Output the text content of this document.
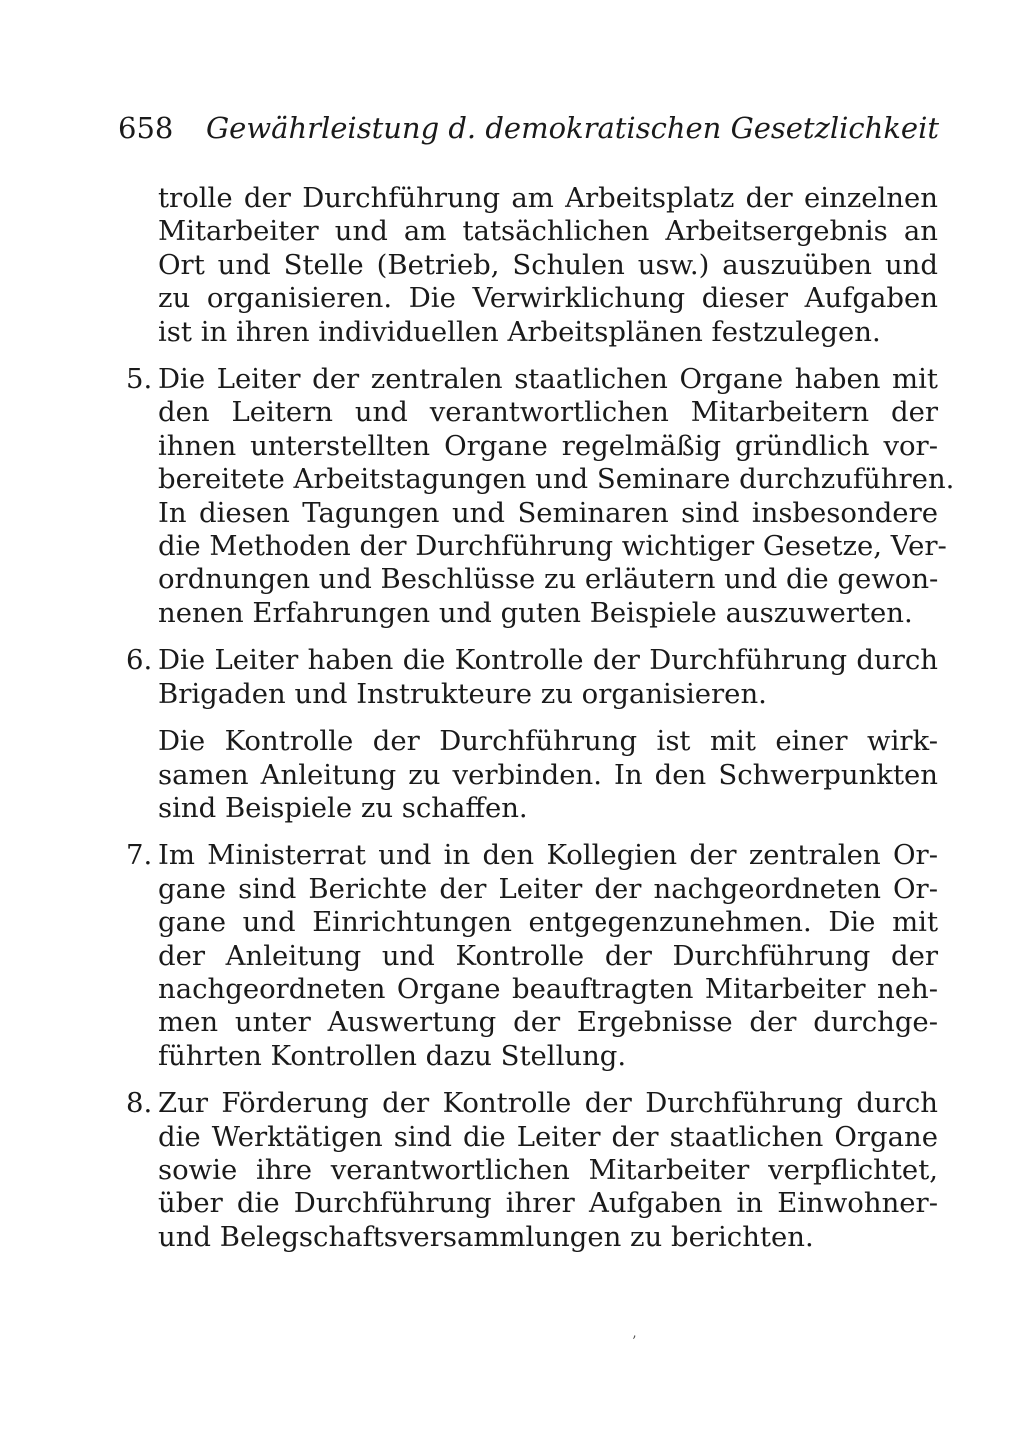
658 Gewährleistung d. demokratischen Gesetzlichkeit
trolle der Durchführung am Arbeitsplatz der einzelnen
Mitarbeiter und am tatsächlichen Arbeitsergebnis an
Ort und Stelle (Betrieb, Schulen usw.) auszuüben und
zu organisieren. Die Verwirklichung dieser Aufgaben
ist in ihren individuellen Arbeitsplänen festzulegen.
5. Die Leiter der zentralen staatlichen Organe haben mit
den Leitern und verantwortlichen Mitarbeitern der
ihnen unterstellten Organe regelmäßig gründlich vor-
bereitete Arbeitstagungen und Seminare durchzuführen.
In diesen Tagungen und Seminaren sind insbesondere
die Methoden der Durchführung wichtiger Gesetze, Ver-
ordnungen und Beschlüsse zu erläutern und die gewon-
nenen Erfahrungen und guten Beispiele auszuwerten.
6. Die Leiter haben die Kontrolle der Durchführung durch
Brigaden und Instrukteure zu organisieren.
Die Kontrolle der Durchführung ist mit einer wirk-
samen Anleitung zu verbinden. In den Schwerpunkten
sind Beispiele zu schaffen.
7. Im Ministerrat und in den Kollegien der zentralen Or-
gane sind Berichte der Leiter der nachgeordneten Or-
gane und Einrichtungen entgegenzunehmen. Die mit
der Anleitung und Kontrolle der Durchführung der
nachgeordneten Organe beauftragten Mitarbeiter neh-
men unter Auswertung der Ergebnisse der durchge-
führten Kontrollen dazu Stellung.
8. Zur Förderung der Kontrolle der Durchführung durch
die Werktätigen sind die Leiter der staatlichen Organe
sowie ihre verantwortlichen Mitarbeiter verpflichtet,
über die Durchführung ihrer Aufgaben in Einwohner-
und Belegschaftsversammlungen zu berichten.
’
